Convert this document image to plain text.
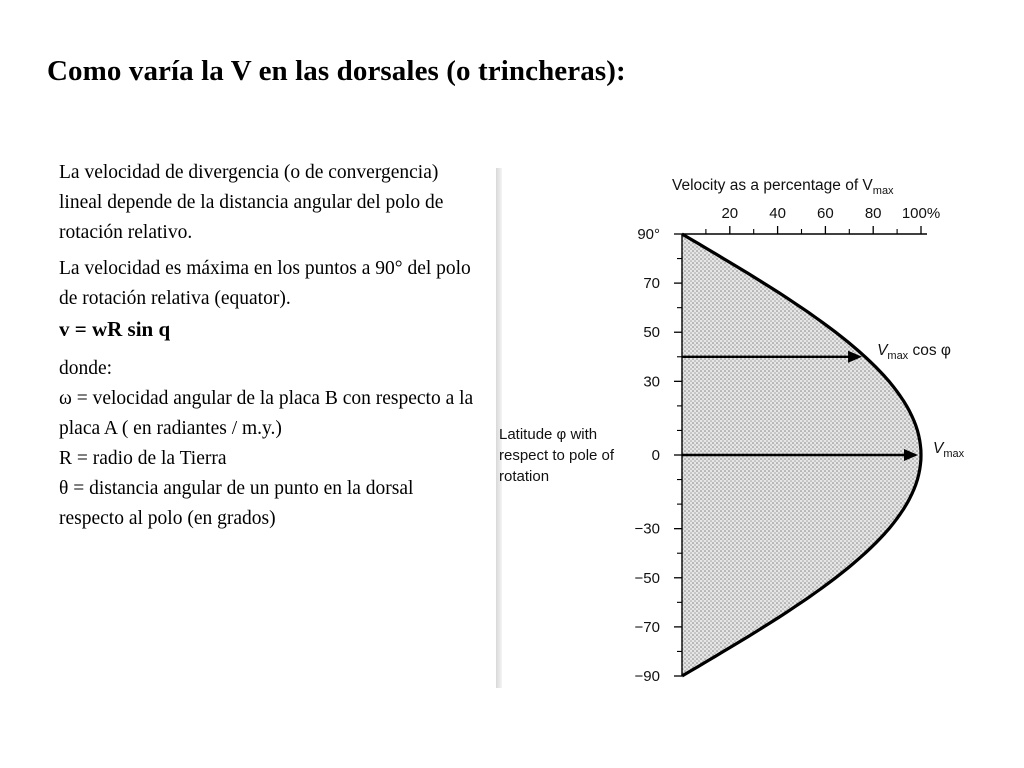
Como varía la V en las dorsales (o trincheras):

La velocidad de divergencia (o de convergencia) lineal depende de la distancia angular del polo de rotación relativo.

La velocidad es máxima en los puntos a 90° del polo de rotación relativa (equator).

v = wR sin q

donde:

ω = velocidad angular de la placa B con respecto a la placa A ( en radiantes / m.y.)

R = radio de la Tierra

θ = distancia angular de un punto en la dorsal respecto al polo (en grados)

20 40 60 80 100%
Velocity as a percentage of $V_{max}$
90°
70
50
30
0
−30
−50
−70
−90
Latitude φ with
respect to pole of
rotation
$V_{max}$ cos φ
$V_{max}$
